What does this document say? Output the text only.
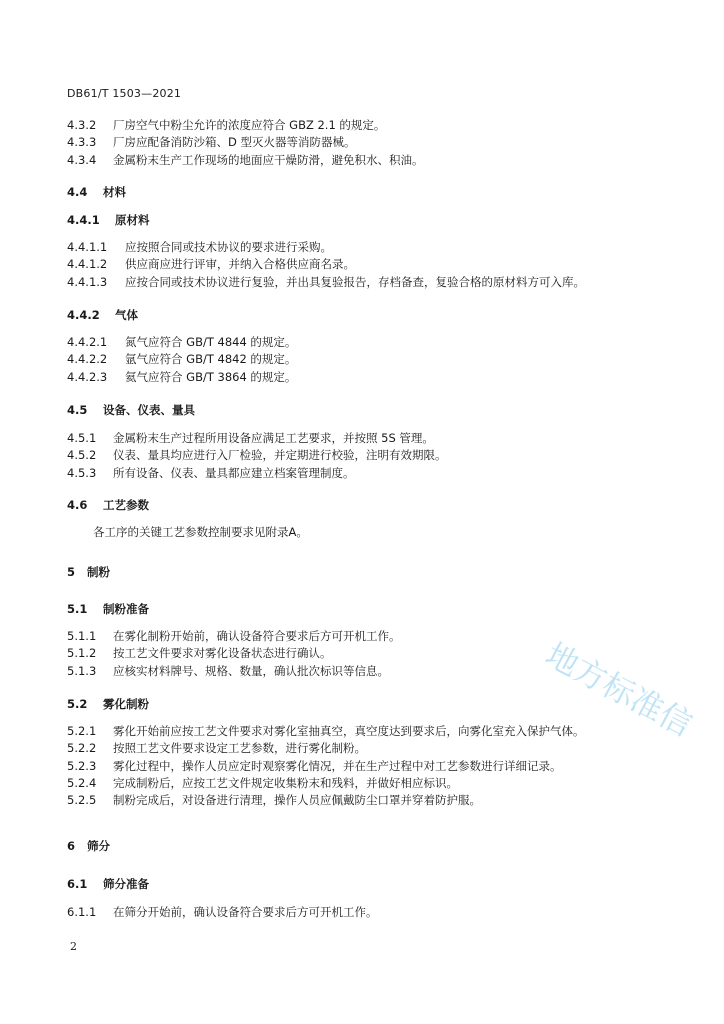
DB61/T 1503—2021
4.3.2 厂房空气中粉尘允许的浓度应符合 GBZ 2.1 的规定。
4.3.3 厂房应配备消防沙箱、D 型灭火器等消防器械。
4.3.4 金属粉末生产工作现场的地面应干燥防滑，避免积水、积油。
4.4 材料
4.4.1 原材料
4.4.1.1 应按照合同或技术协议的要求进行采购。
4.4.1.2 供应商应进行评审，并纳入合格供应商名录。
4.4.1.3 应按合同或技术协议进行复验，并出具复验报告，存档备查，复验合格的原材料方可入库。
4.4.2 气体
4.4.2.1 氮气应符合 GB/T 4844 的规定。
4.4.2.2 氩气应符合 GB/T 4842 的规定。
4.4.2.3 氦气应符合 GB/T 3864 的规定。
4.5 设备、仪表、量具
4.5.1 金属粉末生产过程所用设备应满足工艺要求，并按照 5S 管理。
4.5.2 仪表、量具均应进行入厂检验，并定期进行校验，注明有效期限。
4.5.3 所有设备、仪表、量具都应建立档案管理制度。
4.6 工艺参数
各工序的关键工艺参数控制要求见附录A。
5 制粉
5.1 制粉准备
5.1.1 在雾化制粉开始前，确认设备符合要求后方可开机工作。
5.1.2 按工艺文件要求对雾化设备状态进行确认。
5.1.3 应核实材料牌号、规格、数量，确认批次标识等信息。
5.2 雾化制粉
5.2.1 雾化开始前应按工艺文件要求对雾化室抽真空，真空度达到要求后，向雾化室充入保护气体。
5.2.2 按照工艺文件要求设定工艺参数，进行雾化制粉。
5.2.3 雾化过程中，操作人员应定时观察雾化情况，并在生产过程中对工艺参数进行详细记录。
5.2.4 完成制粉后，应按工艺文件规定收集粉末和残料，并做好相应标识。
5.2.5 制粉完成后，对设备进行清理，操作人员应佩戴防尘口罩并穿着防护服。
6 筛分
6.1 筛分准备
6.1.1 在筛分开始前，确认设备符合要求后方可开机工作。
2
地方标准信
